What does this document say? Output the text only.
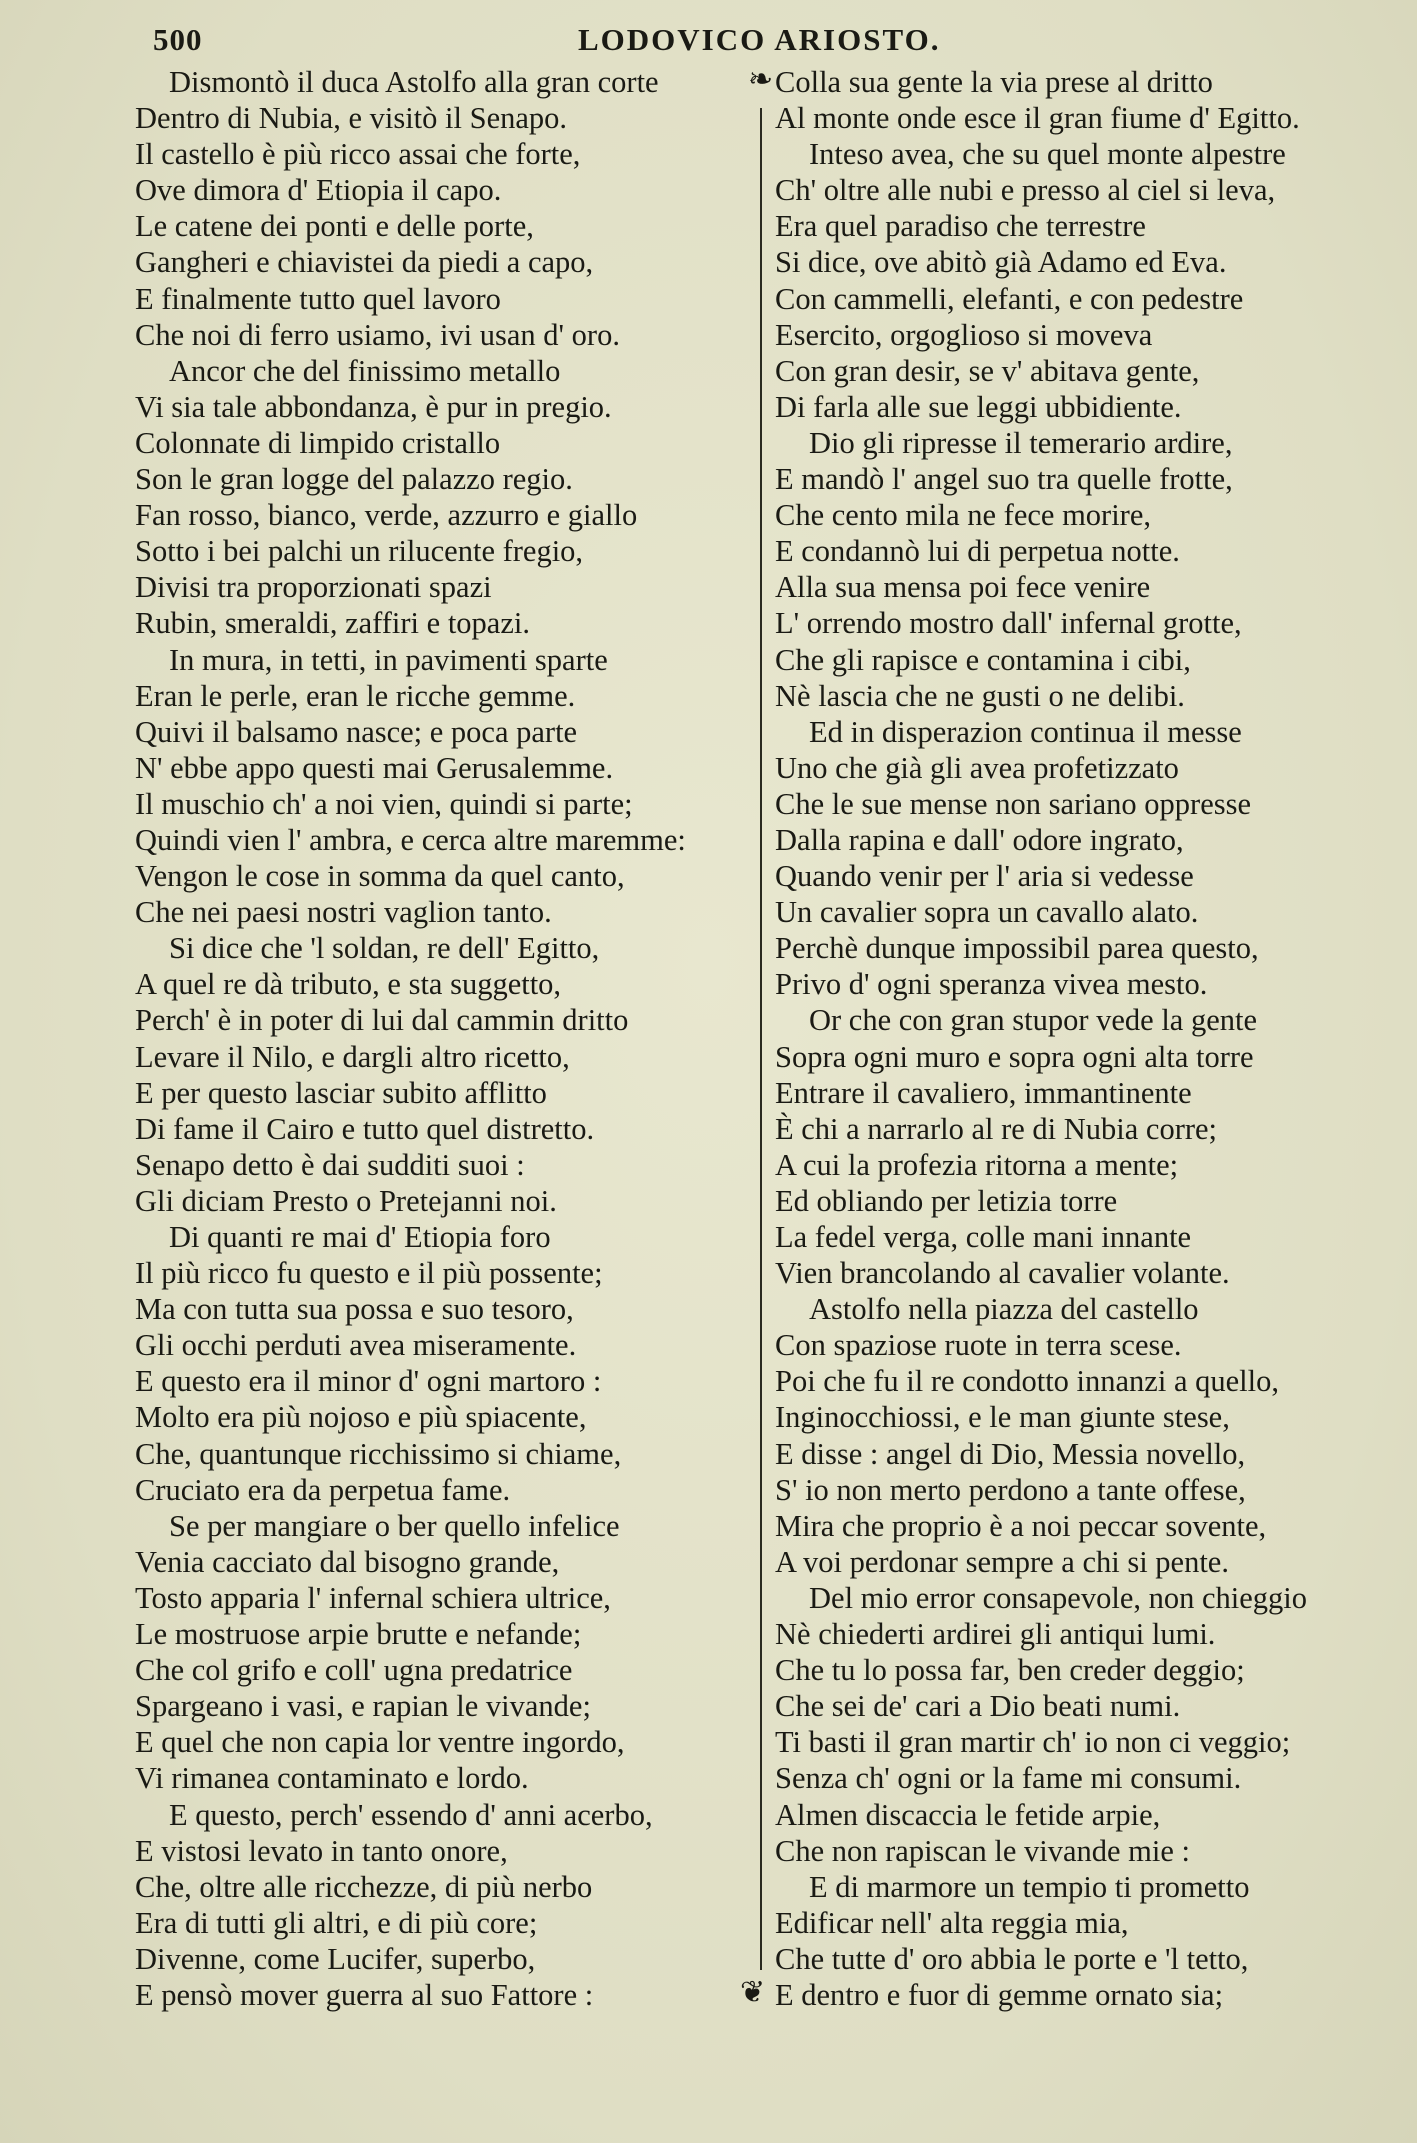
500	LODOVICO ARIOSTO.
❧
❦
Dismontò il duca Astolfo alla gran corte
Dentro di Nubia, e visitò il Senapo.
Il castello è più ricco assai che forte,
Ove dimora d' Etiopia il capo.
Le catene dei ponti e delle porte,
Gangheri e chiavistei da piedi a capo,
E finalmente tutto quel lavoro
Che noi di ferro usiamo, ivi usan d' oro.
Ancor che del finissimo metallo
Vi sia tale abbondanza, è pur in pregio.
Colonnate di limpido cristallo
Son le gran logge del palazzo regio.
Fan rosso, bianco, verde, azzurro e giallo
Sotto i bei palchi un rilucente fregio,
Divisi tra proporzionati spazi
Rubin, smeraldi, zaffiri e topazi.
In mura, in tetti, in pavimenti sparte
Eran le perle, eran le ricche gemme.
Quivi il balsamo nasce; e poca parte
N' ebbe appo questi mai Gerusalemme.
Il muschio ch' a noi vien, quindi si parte;
Quindi vien l' ambra, e cerca altre maremme:
Vengon le cose in somma da quel canto,
Che nei paesi nostri vaglion tanto.
Si dice che 'l soldan, re dell' Egitto,
A quel re dà tributo, e sta suggetto,
Perch' è in poter di lui dal cammin dritto
Levare il Nilo, e dargli altro ricetto,
E per questo lasciar subito afflitto
Di fame il Cairo e tutto quel distretto.
Senapo detto è dai sudditi suoi :
Gli diciam Presto o Pretejanni noi.
Di quanti re mai d' Etiopia foro
Il più ricco fu questo e il più possente;
Ma con tutta sua possa e suo tesoro,
Gli occhi perduti avea miseramente.
E questo era il minor d' ogni martoro :
Molto era più nojoso e più spiacente,
Che, quantunque ricchissimo si chiame,
Cruciato era da perpetua fame.
Se per mangiare o ber quello infelice
Venia cacciato dal bisogno grande,
Tosto apparia l' infernal schiera ultrice,
Le mostruose arpie brutte e nefande;
Che col grifo e coll' ugna predatrice
Spargeano i vasi, e rapian le vivande;
E quel che non capia lor ventre ingordo,
Vi rimanea contaminato e lordo.
E questo, perch' essendo d' anni acerbo,
E vistosi levato in tanto onore,
Che, oltre alle ricchezze, di più nerbo
Era di tutti gli altri, e di più core;
Divenne, come Lucifer, superbo,
E pensò mover guerra al suo Fattore :
Colla sua gente la via prese al dritto
Al monte onde esce il gran fiume d' Egitto.
Inteso avea, che su quel monte alpestre
Ch' oltre alle nubi e presso al ciel si leva,
Era quel paradiso che terrestre
Si dice, ove abitò già Adamo ed Eva.
Con cammelli, elefanti, e con pedestre
Esercito, orgoglioso si moveva
Con gran desir, se v' abitava gente,
Di farla alle sue leggi ubbidiente.
Dio gli ripresse il temerario ardire,
E mandò l' angel suo tra quelle frotte,
Che cento mila ne fece morire,
E condannò lui di perpetua notte.
Alla sua mensa poi fece venire
L' orrendo mostro dall' infernal grotte,
Che gli rapisce e contamina i cibi,
Nè lascia che ne gusti o ne delibi.
Ed in disperazion continua il messe
Uno che già gli avea profetizzato
Che le sue mense non sariano oppresse
Dalla rapina e dall' odore ingrato,
Quando venir per l' aria si vedesse
Un cavalier sopra un cavallo alato.
Perchè dunque impossibil parea questo,
Privo d' ogni speranza vivea mesto.
Or che con gran stupor vede la gente
Sopra ogni muro e sopra ogni alta torre
Entrare il cavaliero, immantinente
È chi a narrarlo al re di Nubia corre;
A cui la profezia ritorna a mente;
Ed obliando per letizia torre
La fedel verga, colle mani innante
Vien brancolando al cavalier volante.
Astolfo nella piazza del castello
Con spaziose ruote in terra scese.
Poi che fu il re condotto innanzi a quello,
Inginocchiossi, e le man giunte stese,
E disse : angel di Dio, Messia novello,
S' io non merto perdono a tante offese,
Mira che proprio è a noi peccar sovente,
A voi perdonar sempre a chi si pente.
Del mio error consapevole, non chieggio
Nè chiederti ardirei gli antiqui lumi.
Che tu lo possa far, ben creder deggio;
Che sei de' cari a Dio beati numi.
Ti basti il gran martir ch' io non ci veggio;
Senza ch' ogni or la fame mi consumi.
Almen discaccia le fetide arpie,
Che non rapiscan le vivande mie :
E di marmore un tempio ti prometto
Edificar nell' alta reggia mia,
Che tutte d' oro abbia le porte e 'l tetto,
E dentro e fuor di gemme ornato sia;
